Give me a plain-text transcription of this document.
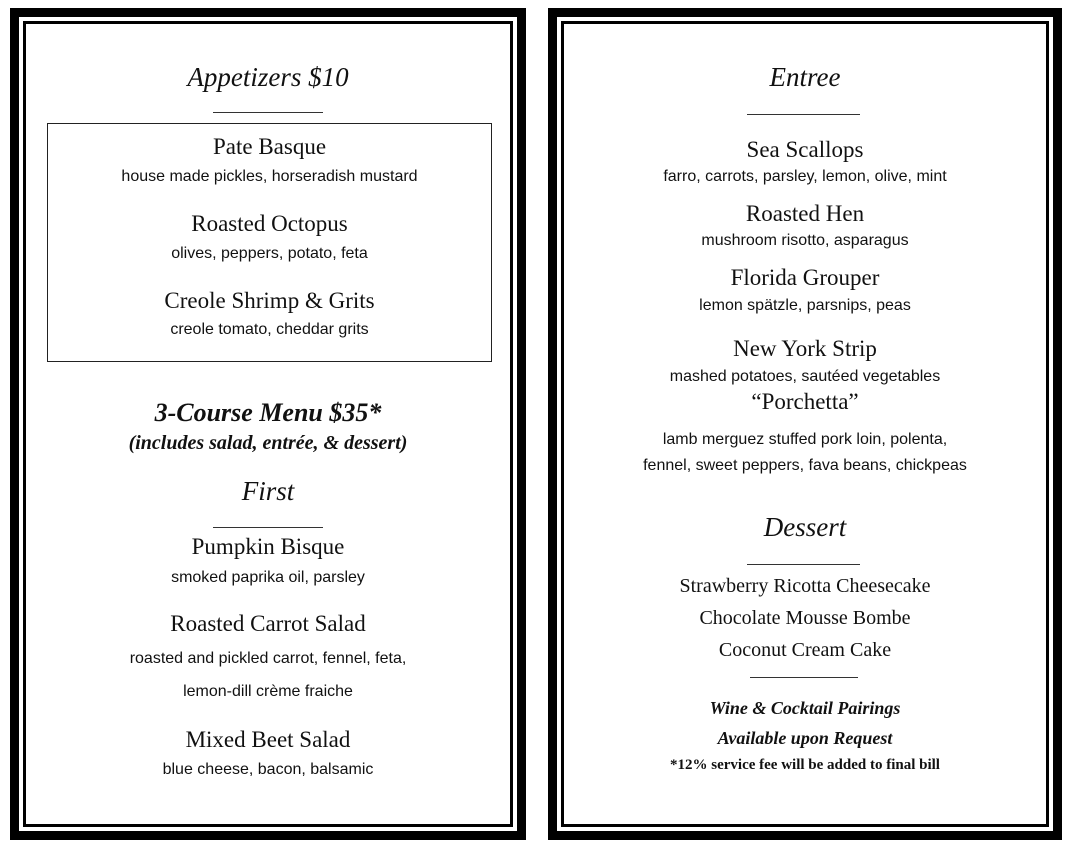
Appetizers $10
Pate Basque
house made pickles, horseradish mustard
Roasted Octopus
olives, peppers, potato, feta
Creole Shrimp & Grits
creole tomato, cheddar grits
3-Course Menu $35*
(includes salad, entrée, & dessert)
First
Pumpkin Bisque
smoked paprika oil, parsley
Roasted Carrot Salad
roasted and pickled carrot, fennel, feta,
lemon-dill crème fraiche
Mixed Beet Salad
blue cheese, bacon, balsamic
Entree
Sea Scallops
farro, carrots, parsley, lemon, olive, mint
Roasted Hen
mushroom risotto, asparagus
Florida Grouper
lemon spätzle, parsnips, peas
New York Strip
mashed potatoes, sautéed vegetables
“Porchetta”
lamb merguez stuffed pork loin, polenta,
fennel, sweet peppers, fava beans, chickpeas
Dessert
Strawberry Ricotta Cheesecake
Chocolate Mousse Bombe
Coconut Cream Cake
Wine & Cocktail Pairings
Available upon Request
*12% service fee will be added to final bill
